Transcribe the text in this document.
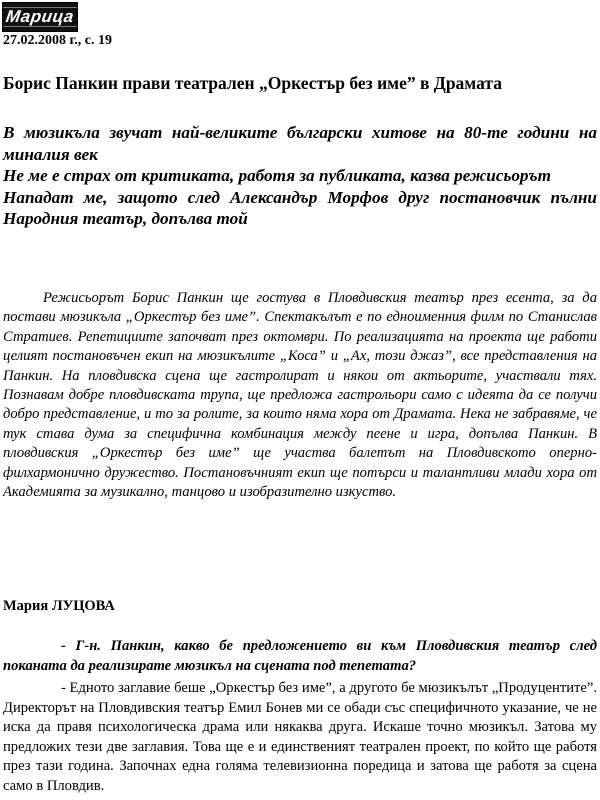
Марица
27.02.2008 г., с. 19
Борис Панкин прави театрален „Оркестър без име” в Драмата

В мюзикъла звучат най-великите български хитове на 80-те години на миналия век

Не ме е страх от критиката, работя за публиката, казва режисьорът

Нападат ме, защото след Александър Морфов друг постановчик пълни Народния театър, допълва той

Режисьорът Борис Панкин ще гостува в Пловдивския театър през есента, за да постави мюзикъла „Оркестър без име”. Спектакълът е по едноименния филм по Станислав Стратиев. Репетициите започват през октомври. По реализацията на проекта ще работи целият постановъчен екип на мюзикълите „Коса” и „Ах, този джаз”, все представления на Панкин. На пловдивска сцена ще гастролират и някои от актьорите, участвали тях. Познавам добре пловдивската трупа, ще предложа гастрольори само с идеята да се получи добро представление, и то за ролите, за които няма хора от Драмата. Нека не забравяме, че тук става дума за специфична комбинация между пеене и игра, допълва Панкин. В пловдивския „Оркестър без име” ще участва балетът на Пловдивското оперно-филхармонично дружество. Постановъчният екип ще потърси и талантливи млади хора от Академията за музикално, танцово и изобразително изкуство.

Мария ЛУЦОВА

- Г-н. Панкин, какво бе предложението ви към Пловдивския театър след поканата да реализирате мюзикъл на сцената под тепетата?

- Едното заглавие беше „Оркестър без име”, а другото бе мюзикълът „Продуцентите”. Директорът на Пловдивския театър Емил Бонев ми се обади със специфичното указание, че не иска да правя психологическа драма или някаква друга. Искаше точно мюзикъл. Затова му предложих тези две заглавия. Това ще е и единственият театрален проект, по който ще работя през тази година. Започнах една голяма телевизионна поредица и затова ще работя за сцена само в Пловдив.
